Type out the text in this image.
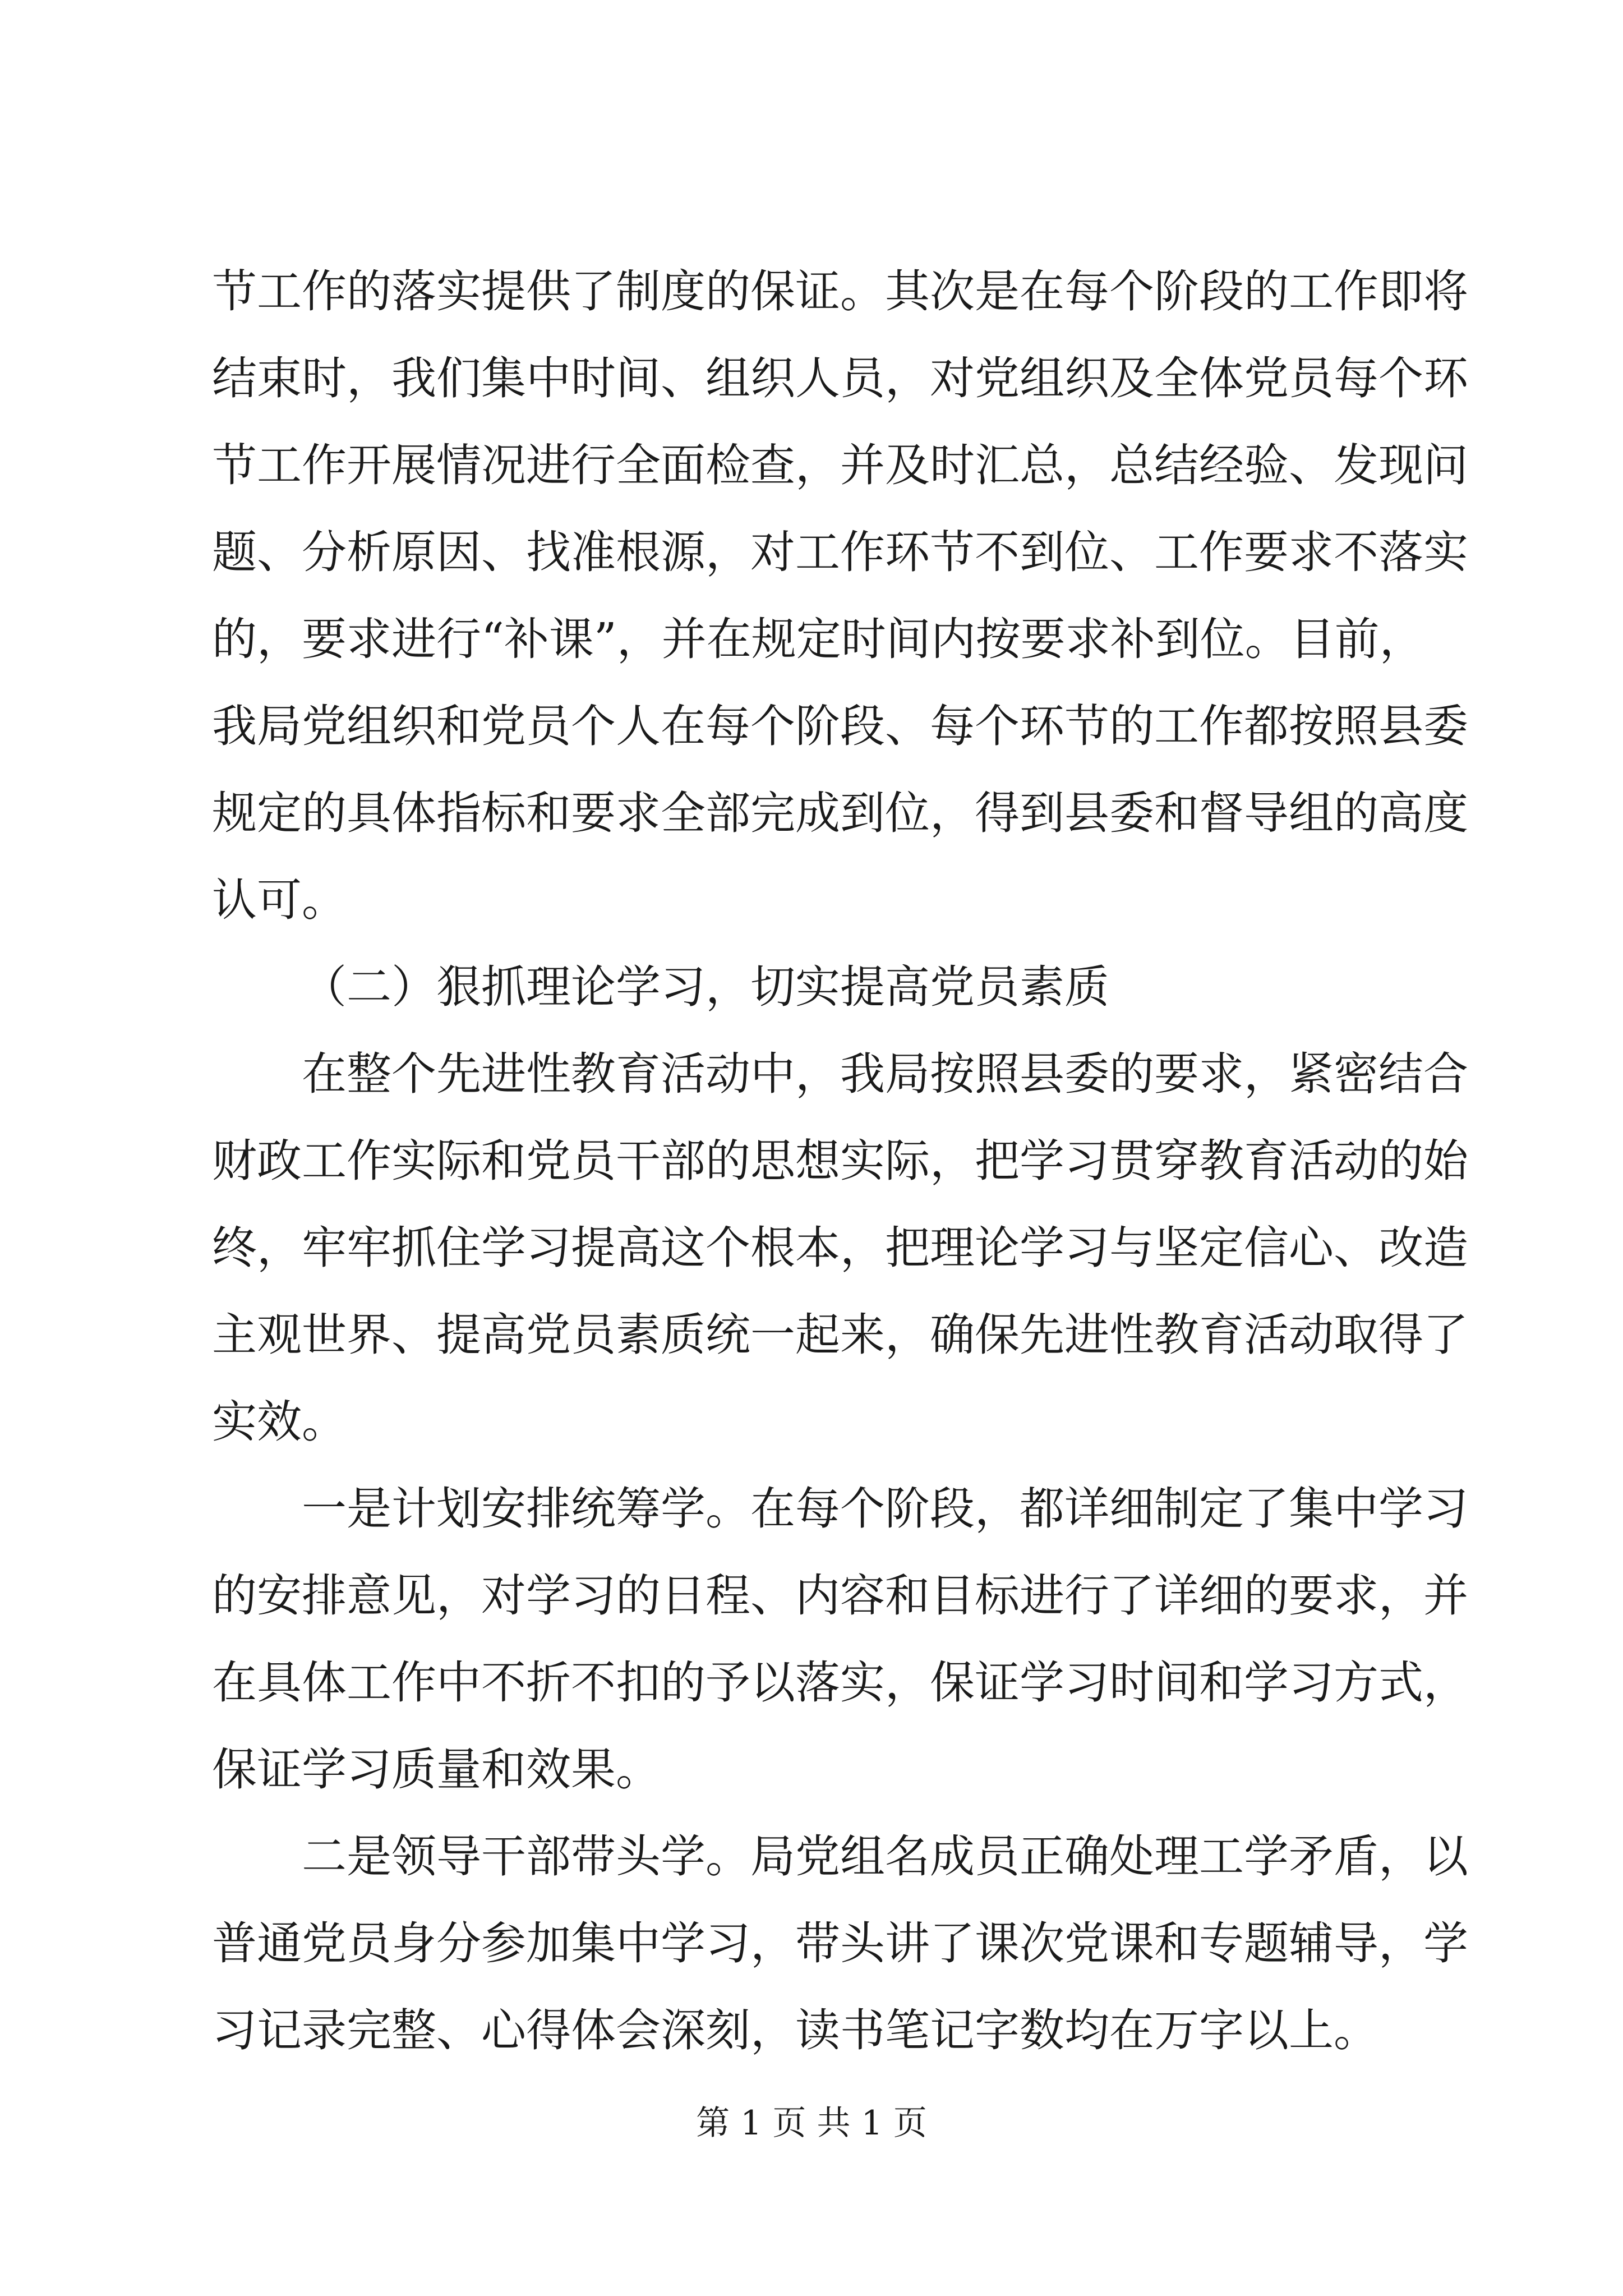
节工作的落实提供了制度的保证。其次是在每个阶段的工作即将
结束时，我们集中时间、组织人员，对党组织及全体党员每个环
节工作开展情况进行全面检查，并及时汇总，总结经验、发现问
题、分析原因、找准根源，对工作环节不到位、工作要求不落实
的，要求进行“补课”，并在规定时间内按要求补到位。目前，
我局党组织和党员个人在每个阶段、每个环节的工作都按照县委
规定的具体指标和要求全部完成到位，得到县委和督导组的高度
认可。
（二）狠抓理论学习，切实提高党员素质
在整个先进性教育活动中，我局按照县委的要求，紧密结合
财政工作实际和党员干部的思想实际，把学习贯穿教育活动的始
终，牢牢抓住学习提高这个根本，把理论学习与坚定信心、改造
主观世界、提高党员素质统一起来，确保先进性教育活动取得了
实效。
一是计划安排统筹学。在每个阶段，都详细制定了集中学习
的安排意见，对学习的日程、内容和目标进行了详细的要求，并
在具体工作中不折不扣的予以落实，保证学习时间和学习方式，
保证学习质量和效果。
二是领导干部带头学。局党组名成员正确处理工学矛盾，以
普通党员身分参加集中学习，带头讲了课次党课和专题辅导，学
习记录完整、心得体会深刻，读书笔记字数均在万字以上。
第 1 页 共 1 页
